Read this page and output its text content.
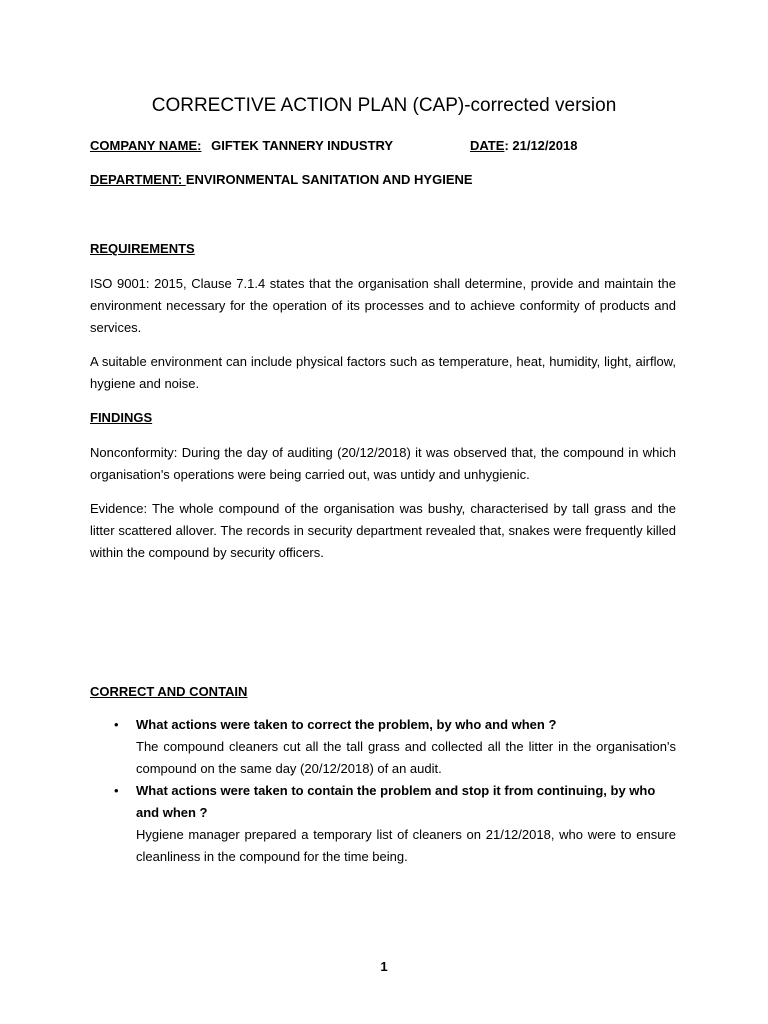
CORRECTIVE ACTION PLAN (CAP)-corrected version
COMPANY NAME: GIFTEK TANNERY INDUSTRY	DATE: 21/12/2018
DEPARTMENT: ENVIRONMENTAL SANITATION AND HYGIENE
REQUIREMENTS

ISO 9001: 2015, Clause 7.1.4 states that the organisation shall determine, provide and maintain the environment necessary for the operation of its processes and to achieve conformity of products and services.

A suitable environment can include physical factors such as temperature, heat, humidity, light, airflow, hygiene and noise.

FINDINGS

Nonconformity: During the day of auditing (20/12/2018) it was observed that, the compound in which organisation's operations were being carried out, was untidy and unhygienic.

Evidence: The whole compound of the organisation was bushy, characterised by tall grass and the litter scattered allover. The records in security department revealed that, snakes were frequently killed within the compound by security officers.

CORRECT AND CONTAIN
• What actions were taken to correct the problem, by who and when ?

The compound cleaners cut all the tall grass and collected all the litter in the organisation's compound on the same day (20/12/2018) of an audit.

• What actions were taken to contain the problem and stop it from continuing, by who and when ?

Hygiene manager prepared a temporary list of cleaners on 21/12/2018, who were to ensure cleanliness in the compound for the time being.

1
